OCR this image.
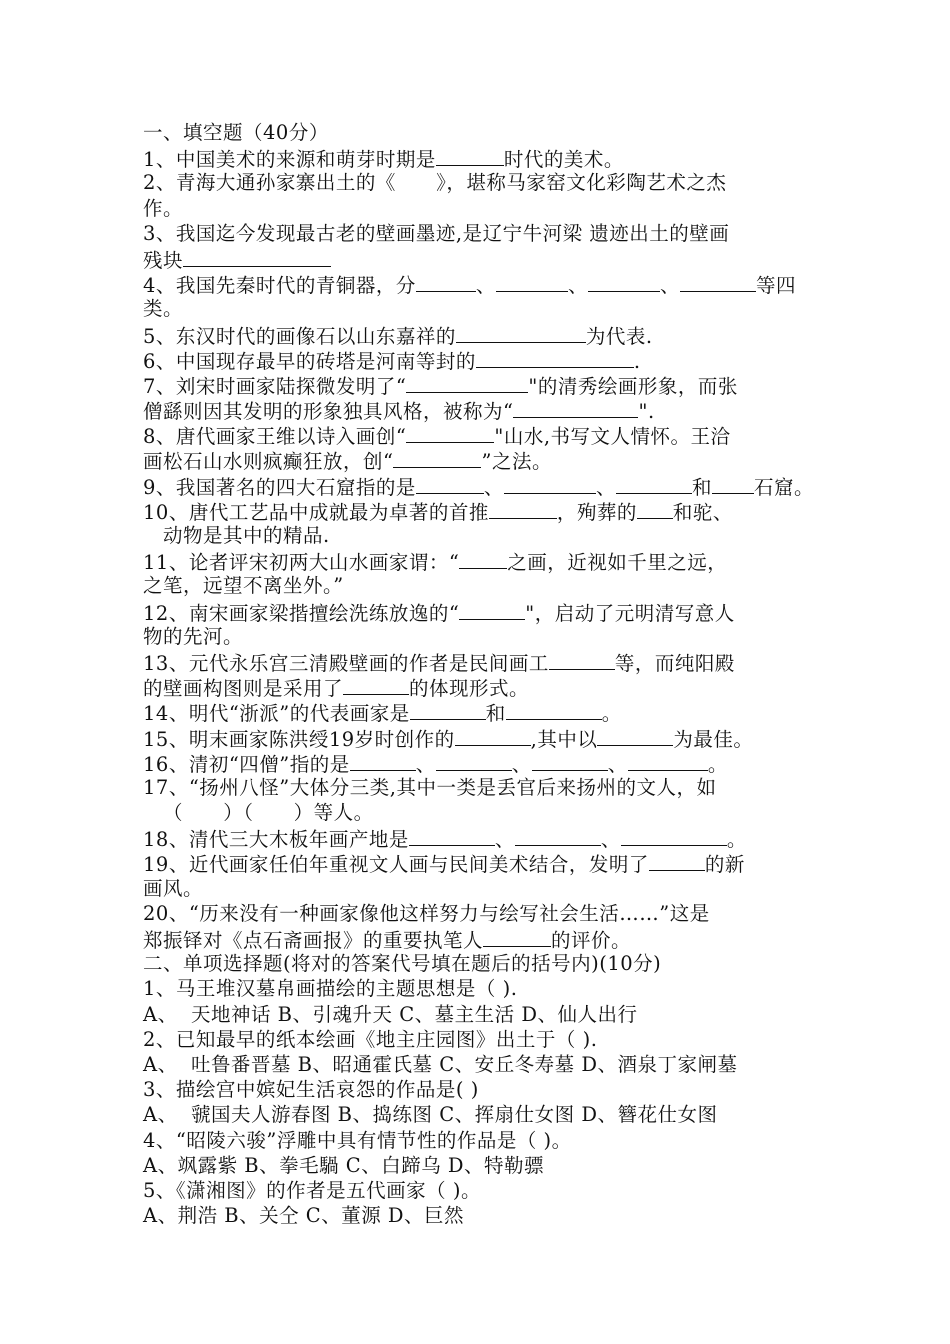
一、填空题（40分）
1、中国美术的来源和萌芽时期是	时代的美术。
2、青海大通孙家寨出土的《      》，堪称马家窑文化彩陶艺术之杰
作。
3、我国迄今发现最古老的壁画墨迹,是辽宁牛河梁 遗迹出土的壁画
残块
4、我国先秦时代的青铜器，分	、	、	、	等四
类。
5、东汉时代的画像石以山东嘉祥的	为代表.
6、中国现存最早的砖塔是河南等封的	.
7、刘宋时画家陆探微发明了“	"的清秀绘画形象，而张
僧繇则因其发明的形象独具风格，被称为“	".
8、唐代画家王维以诗入画创“	"山水,书写文人情怀。王洽
画松石山水则疯癫狂放，创“	”之法。
9、我国著名的四大石窟指的是	、	、	和 石窟。
10、唐代工艺品中成就最为卓著的首推	，殉葬的 和驼、
动物是其中的精品.
11、论者评宋初两大山水画家谓：“ 之画，近视如千里之远，
之笔，远望不离坐外。”
12、南宋画家梁揩擅绘洗练放逸的“	"，启动了元明清写意人
物的先河。
13、元代永乐宫三清殿壁画的作者是民间画工	等，而纯阳殿
的壁画构图则是采用了	的体现形式。
14、明代“浙派”的代表画家是	和	。
15、明末画家陈洪绶19岁时创作的	,其中以	为最佳。
16、清初“四僧”指的是	、	、	、	。
17、“扬州八怪”大体分三类,其中一类是丢官后来扬州的文人，如
（      ）（      ）等人。
18、清代三大木板年画产地是	、	、	。
19、近代画家任伯年重视文人画与民间美术结合，发明了	的新
画风。
20、“历来没有一种画家像他这样努力与绘写社会生活……”这是
郑振铎对《点石斋画报》的重要执笔人	的评价。
二、单项选择题(将对的答案代号填在题后的括号内)(10分)
1、马王堆汉墓帛画描绘的主题思想是（ ).
A、  天地神话 B、引魂升天 C、墓主生活 D、仙人出行
2、已知最早的纸本绘画《地主庄园图》出土于（ ).
A、  吐鲁番晋墓 B、昭通霍氏墓 C、安丘冬寿墓 D、酒泉丁家闸墓
3、描绘宫中嫔妃生活哀怨的作品是( )
A、  虢国夫人游春图 B、捣练图 C、挥扇仕女图 D、簪花仕女图
4、“昭陵六骏”浮雕中具有情节性的作品是（ )。
A、飒露紫 B、拳毛騧 C、白蹄乌 D、特勒骠
5、《潇湘图》的作者是五代画家（ )。
A、荆浩 B、关仝 C、董源 D、巨然
